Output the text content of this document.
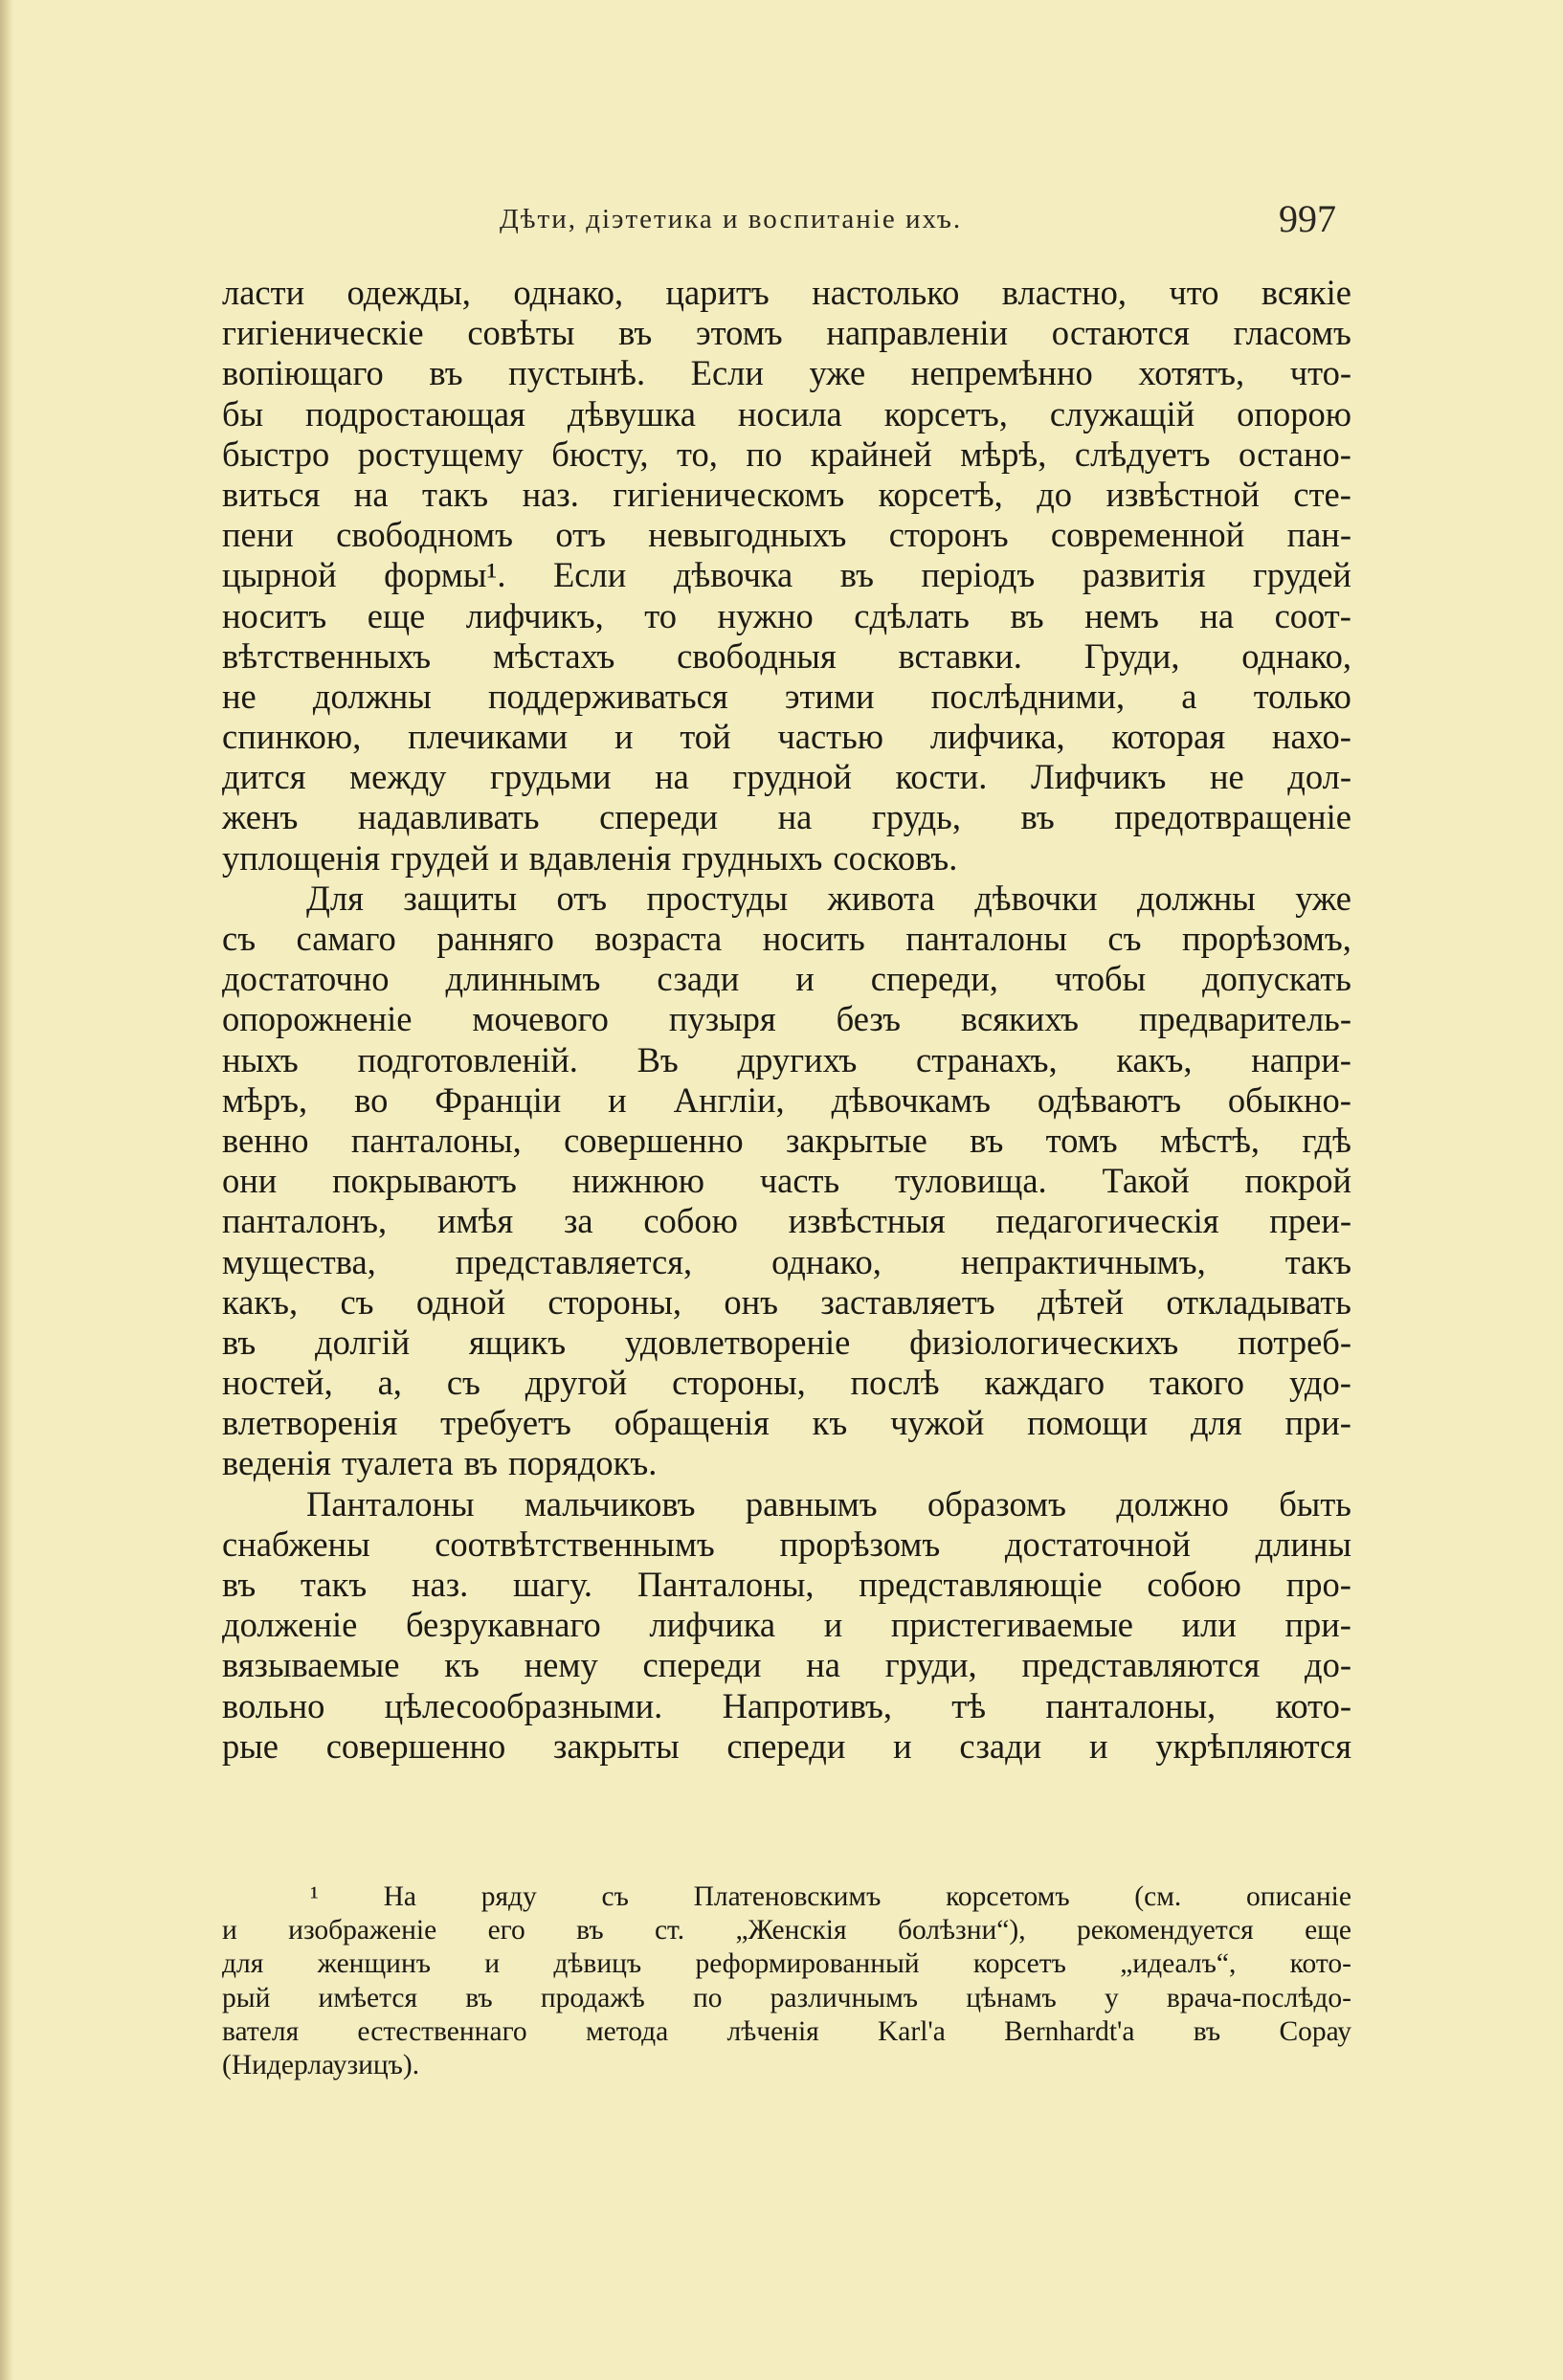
Дѣти, діэтетика и воспитаніе ихъ.	997
ласти одежды, однако, царитъ настолько властно, что всякіе
гигіеническіе совѣты въ этомъ направленіи остаются гласомъ
вопіющаго въ пустынѣ. Если уже непремѣнно хотятъ, что-
бы подростающая дѣвушка носила корсетъ, служащій опорою
быстро ростущему бюсту, то, по крайней мѣрѣ, слѣдуетъ остано-
виться на такъ наз. гигіеническомъ корсетѣ, до извѣстной сте-
пени свободномъ отъ невыгодныхъ сторонъ современной пан-
цырной формы¹. Если дѣвочка въ періодъ развитія грудей
носитъ еще лифчикъ, то нужно сдѣлать въ немъ на соот-
вѣтственныхъ мѣстахъ свободныя вставки. Груди, однако,
не должны поддерживаться этими послѣдними, а только
спинкою, плечиками и той частью лифчика, которая нахо-
дится между грудьми на грудной кости. Лифчикъ не дол-
женъ надавливать спереди на грудь, въ предотвращеніе
уплощенія грудей и вдавленія грудныхъ сосковъ.
Для защиты отъ простуды живота дѣвочки должны уже
съ самаго ранняго возраста носить панталоны съ прорѣзомъ,
достаточно длиннымъ сзади и спереди, чтобы допускать
опорожненіе мочевого пузыря безъ всякихъ предваритель-
ныхъ подготовленій. Въ другихъ странахъ, какъ, напри-
мѣръ, во Франціи и Англіи, дѣвочкамъ одѣваютъ обыкно-
венно панталоны, совершенно закрытые въ томъ мѣстѣ, гдѣ
они покрываютъ нижнюю часть туловища. Такой покрой
панталонъ, имѣя за собою извѣстныя педагогическія преи-
мущества, представляется, однако, непрактичнымъ, такъ
какъ, съ одной стороны, онъ заставляетъ дѣтей откладывать
въ долгій ящикъ удовлетвореніе физіологическихъ потреб-
ностей, а, съ другой стороны, послѣ каждаго такого удо-
влетворенія требуетъ обращенія къ чужой помощи для при-
веденія туалета въ порядокъ.
Панталоны мальчиковъ равнымъ образомъ должно быть
снабжены соотвѣтственнымъ прорѣзомъ достаточной длины
въ такъ наз. шагу. Панталоны, представляющіе собою про-
долженіе безрукавнаго лифчика и пристегиваемые или при-
вязываемые къ нему спереди на груди, представляются до-
вольно цѣлесообразными. Напротивъ, тѣ панталоны, кото-
рые совершенно закрыты спереди и сзади и укрѣпляются
¹ На ряду съ Платеновскимъ корсетомъ (см. описаніе
и изображеніе его въ ст. „Женскія болѣзни“), рекомендуется еще
для женщинъ и дѣвицъ реформированный корсетъ „идеалъ“, кото-
рый имѣется въ продажѣ по различнымъ цѣнамъ у врача-послѣдо-
вателя естественнаго метода лѣченія Karl'а Bernhardt'а въ Сорау
(Нидерлаузицъ).
